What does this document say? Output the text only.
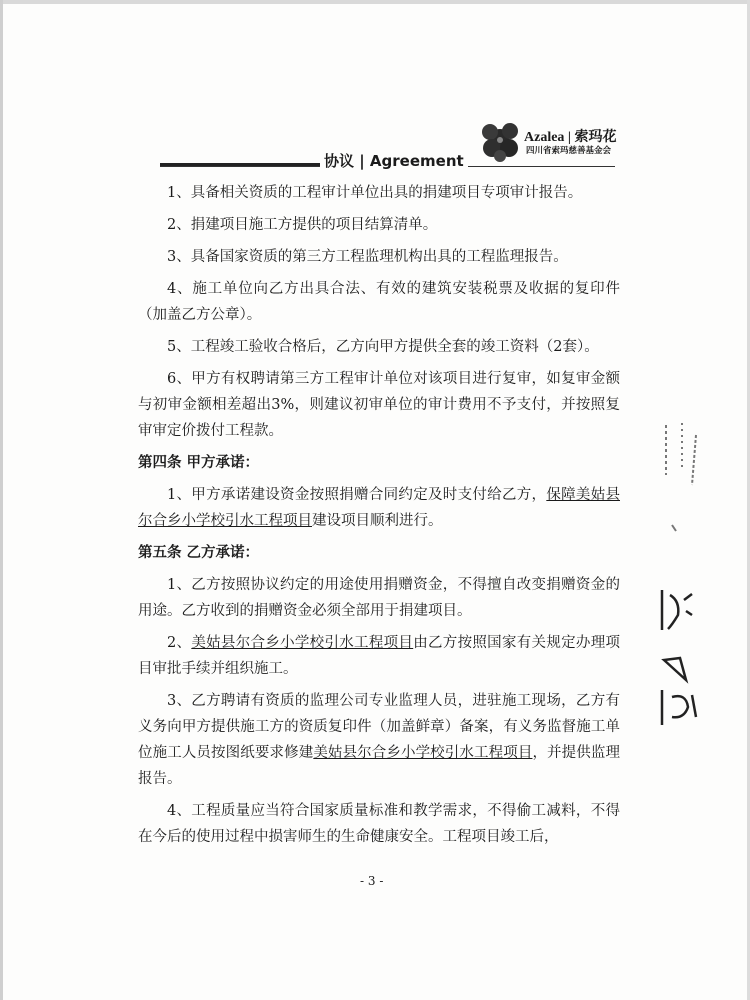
协议 | Agreement
Azalea | 索玛花
四川省索玛慈善基金会

1、具备相关资质的工程审计单位出具的捐建项目专项审计报告。

2、捐建项目施工方提供的项目结算清单。

3、具备国家资质的第三方工程监理机构出具的工程监理报告。

4、施工单位向乙方出具合法、有效的建筑安装税票及收据的复印件（加盖乙方公章）。

5、工程竣工验收合格后，乙方向甲方提供全套的竣工资料（2套）。

6、甲方有权聘请第三方工程审计单位对该项目进行复审，如复审金额与初审金额相差超出3%，则建议初审单位的审计费用不予支付，并按照复审审定价拨付工程款。

第四条 甲方承诺：

1、甲方承诺建设资金按照捐赠合同约定及时支付给乙方，保障美姑县尔合乡小学校引水工程项目建设项目顺利进行。

第五条 乙方承诺：

1、乙方按照协议约定的用途使用捐赠资金，不得擅自改变捐赠资金的用途。乙方收到的捐赠资金必须全部用于捐建项目。

2、美姑县尔合乡小学校引水工程项目由乙方按照国家有关规定办理项目审批手续并组织施工。

3、乙方聘请有资质的监理公司专业监理人员，进驻施工现场，乙方有义务向甲方提供施工方的资质复印件（加盖鲜章）备案，有义务监督施工单位施工人员按图纸要求修建美姑县尔合乡小学校引水工程项目，并提供监理报告。

4、工程质量应当符合国家质量标准和教学需求，不得偷工减料，不得在今后的使用过程中损害师生的生命健康安全。工程项目竣工后，

- 3 -
